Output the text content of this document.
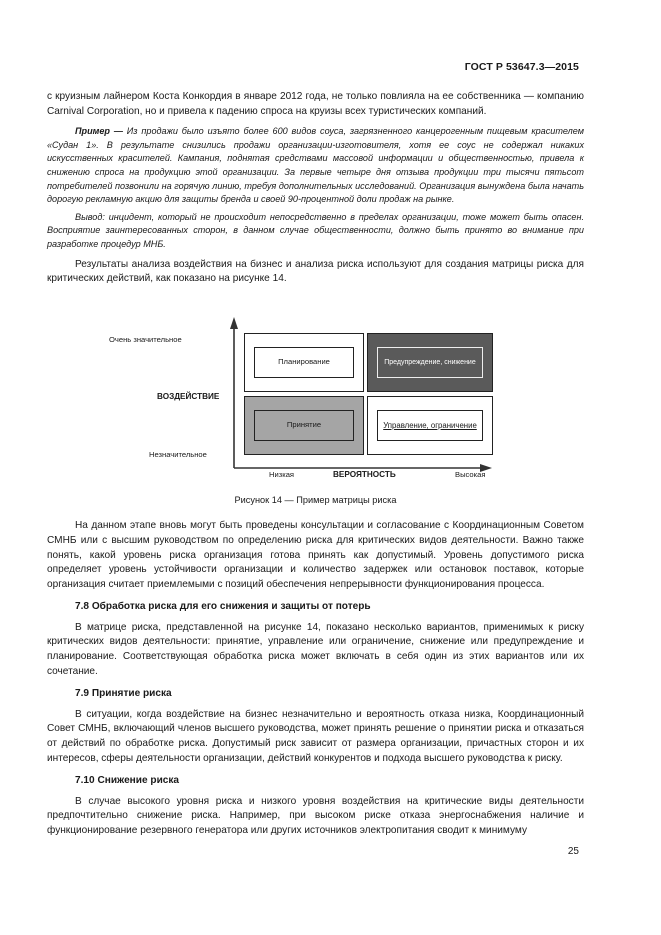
ГОСТ Р 53647.3—2015

с круизным лайнером Коста Конкордия в январе 2012 года, не только повлияла на ее собственника — компанию Carnival Corporation, но и привела к падению спроса на круизы всех туристических компаний.

Пример — Из продажи было изъято более 600 видов соуса, загрязненного канцерогенным пищевым красителем «Судан 1». В результате снизились продажи организации-изготовителя, хотя ее соус не содержал никаких искусственных красителей. Кампания, поднятая средствами массовой информации и общественностью, привела к снижению спроса на продукцию этой организации. За первые четыре дня отзыва продукции три тысячи пятьсот потребителей позвонили на горячую линию, требуя дополнительных исследований. Организация вынуждена была начать дорогую рекламную акцию для защиты бренда и своей 90-процентной доли продаж на рынке.

Вывод: инцидент, который не происходит непосредственно в пределах организации, тоже может быть опасен. Восприятие заинтересованных сторон, в данном случае общественности, должно быть принято во внимание при разработке процедур МНБ.

Результаты анализа воздействия на бизнес и анализа риска используют для создания матрицы риска для критических действий, как показано на рисунке 14.

Очень значительное
ВОЗДЕЙСТВИЕ
Незначительное
Низкая	ВЕРОЯТНОСТЬ	Высокая
Планирование	Предупреждение, снижение
Принятие	Управление, ограничение

Рисунок 14 — Пример матрицы риска

На данном этапе вновь могут быть проведены консультации и согласование с Координационным Советом СМНБ или с высшим руководством по определению риска для критических видов деятельности. Важно также понять, какой уровень риска организация готова принять как допустимый. Уровень допустимого риска определяет уровень устойчивости организации и количество задержек или остановок поставок, которые организация считает приемлемыми с позиций обеспечения непрерывности функционирования процесса.

7.8 Обработка риска для его снижения и защиты от потерь

В матрице риска, представленной на рисунке 14, показано несколько вариантов, применимых к риску критических видов деятельности: принятие, управление или ограничение, снижение или предупреждение и планирование. Соответствующая обработка риска может включать в себя один из этих вариантов или их сочетание.

7.9 Принятие риска

В ситуации, когда воздействие на бизнес незначительно и вероятность отказа низка, Координационный Совет СМНБ, включающий членов высшего руководства, может принять решение о принятии риска и отказаться от действий по обработке риска. Допустимый риск зависит от размера организации, причастных сторон и их интересов, сферы деятельности организации, действий конкурентов и подхода высшего руководства к риску.

7.10 Снижение риска

В случае высокого уровня риска и низкого уровня воздействия на критические виды деятельности предпочтительно снижение риска. Например, при высоком риске отказа энергоснабжения наличие и функционирование резервного генератора или других источников электропитания сводит к минимуму

25
